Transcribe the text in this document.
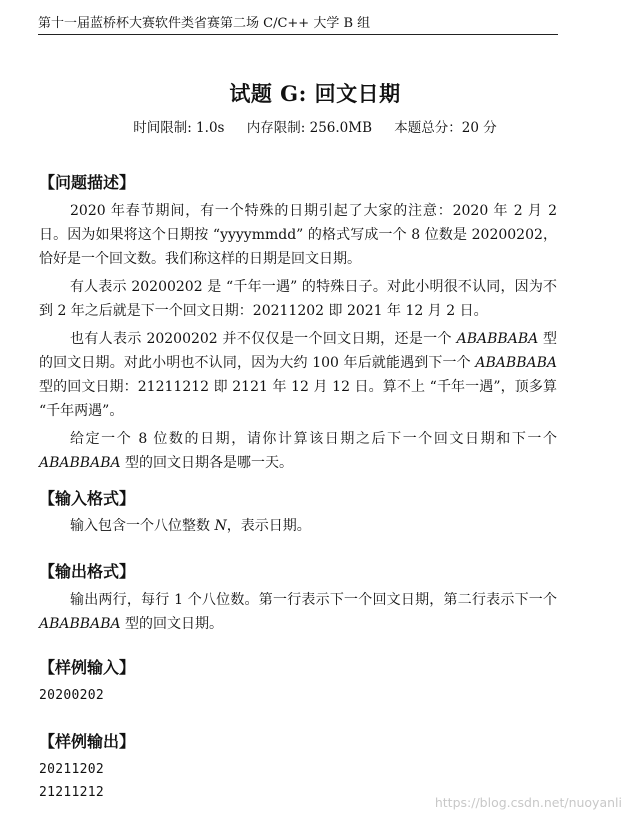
第十一届蓝桥杯大赛软件类省赛第二场 C/C++ 大学 B 组
试题 G: 回文日期
时间限制: 1.0s 内存限制: 256.0MB 本题总分：20 分
【问题描述】

2020 年春节期间，有一个特殊的日期引起了大家的注意：2020 年 2 月 2 日。因为如果将这个日期按 “yyyymmdd” 的格式写成一个 8 位数是 20200202，恰好是一个回文数。我们称这样的日期是回文日期。

有人表示 20200202 是 “千年一遇” 的特殊日子。对此小明很不认同，因为不到 2 年之后就是下一个回文日期：20211202 即 2021 年 12 月 2 日。

也有人表示 20200202 并不仅仅是一个回文日期，还是一个 ABABBABA 型的回文日期。对此小明也不认同，因为大约 100 年后就能遇到下一个 ABABBABA 型的回文日期：21211212 即 2121 年 12 月 12 日。算不上 “千年一遇”，顶多算 “千年两遇”。

给定一个 8 位数的日期，请你计算该日期之后下一个回文日期和下一个 ABABBABA 型的回文日期各是哪一天。

【输入格式】

输入包含一个八位整数 N，表示日期。

【输出格式】

输出两行，每行 1 个八位数。第一行表示下一个回文日期，第二行表示下一个 ABABBABA 型的回文日期。

【样例输入】
20200202
【样例输出】
20211202
21211212
https://blog.csdn.net/nuoyanli
